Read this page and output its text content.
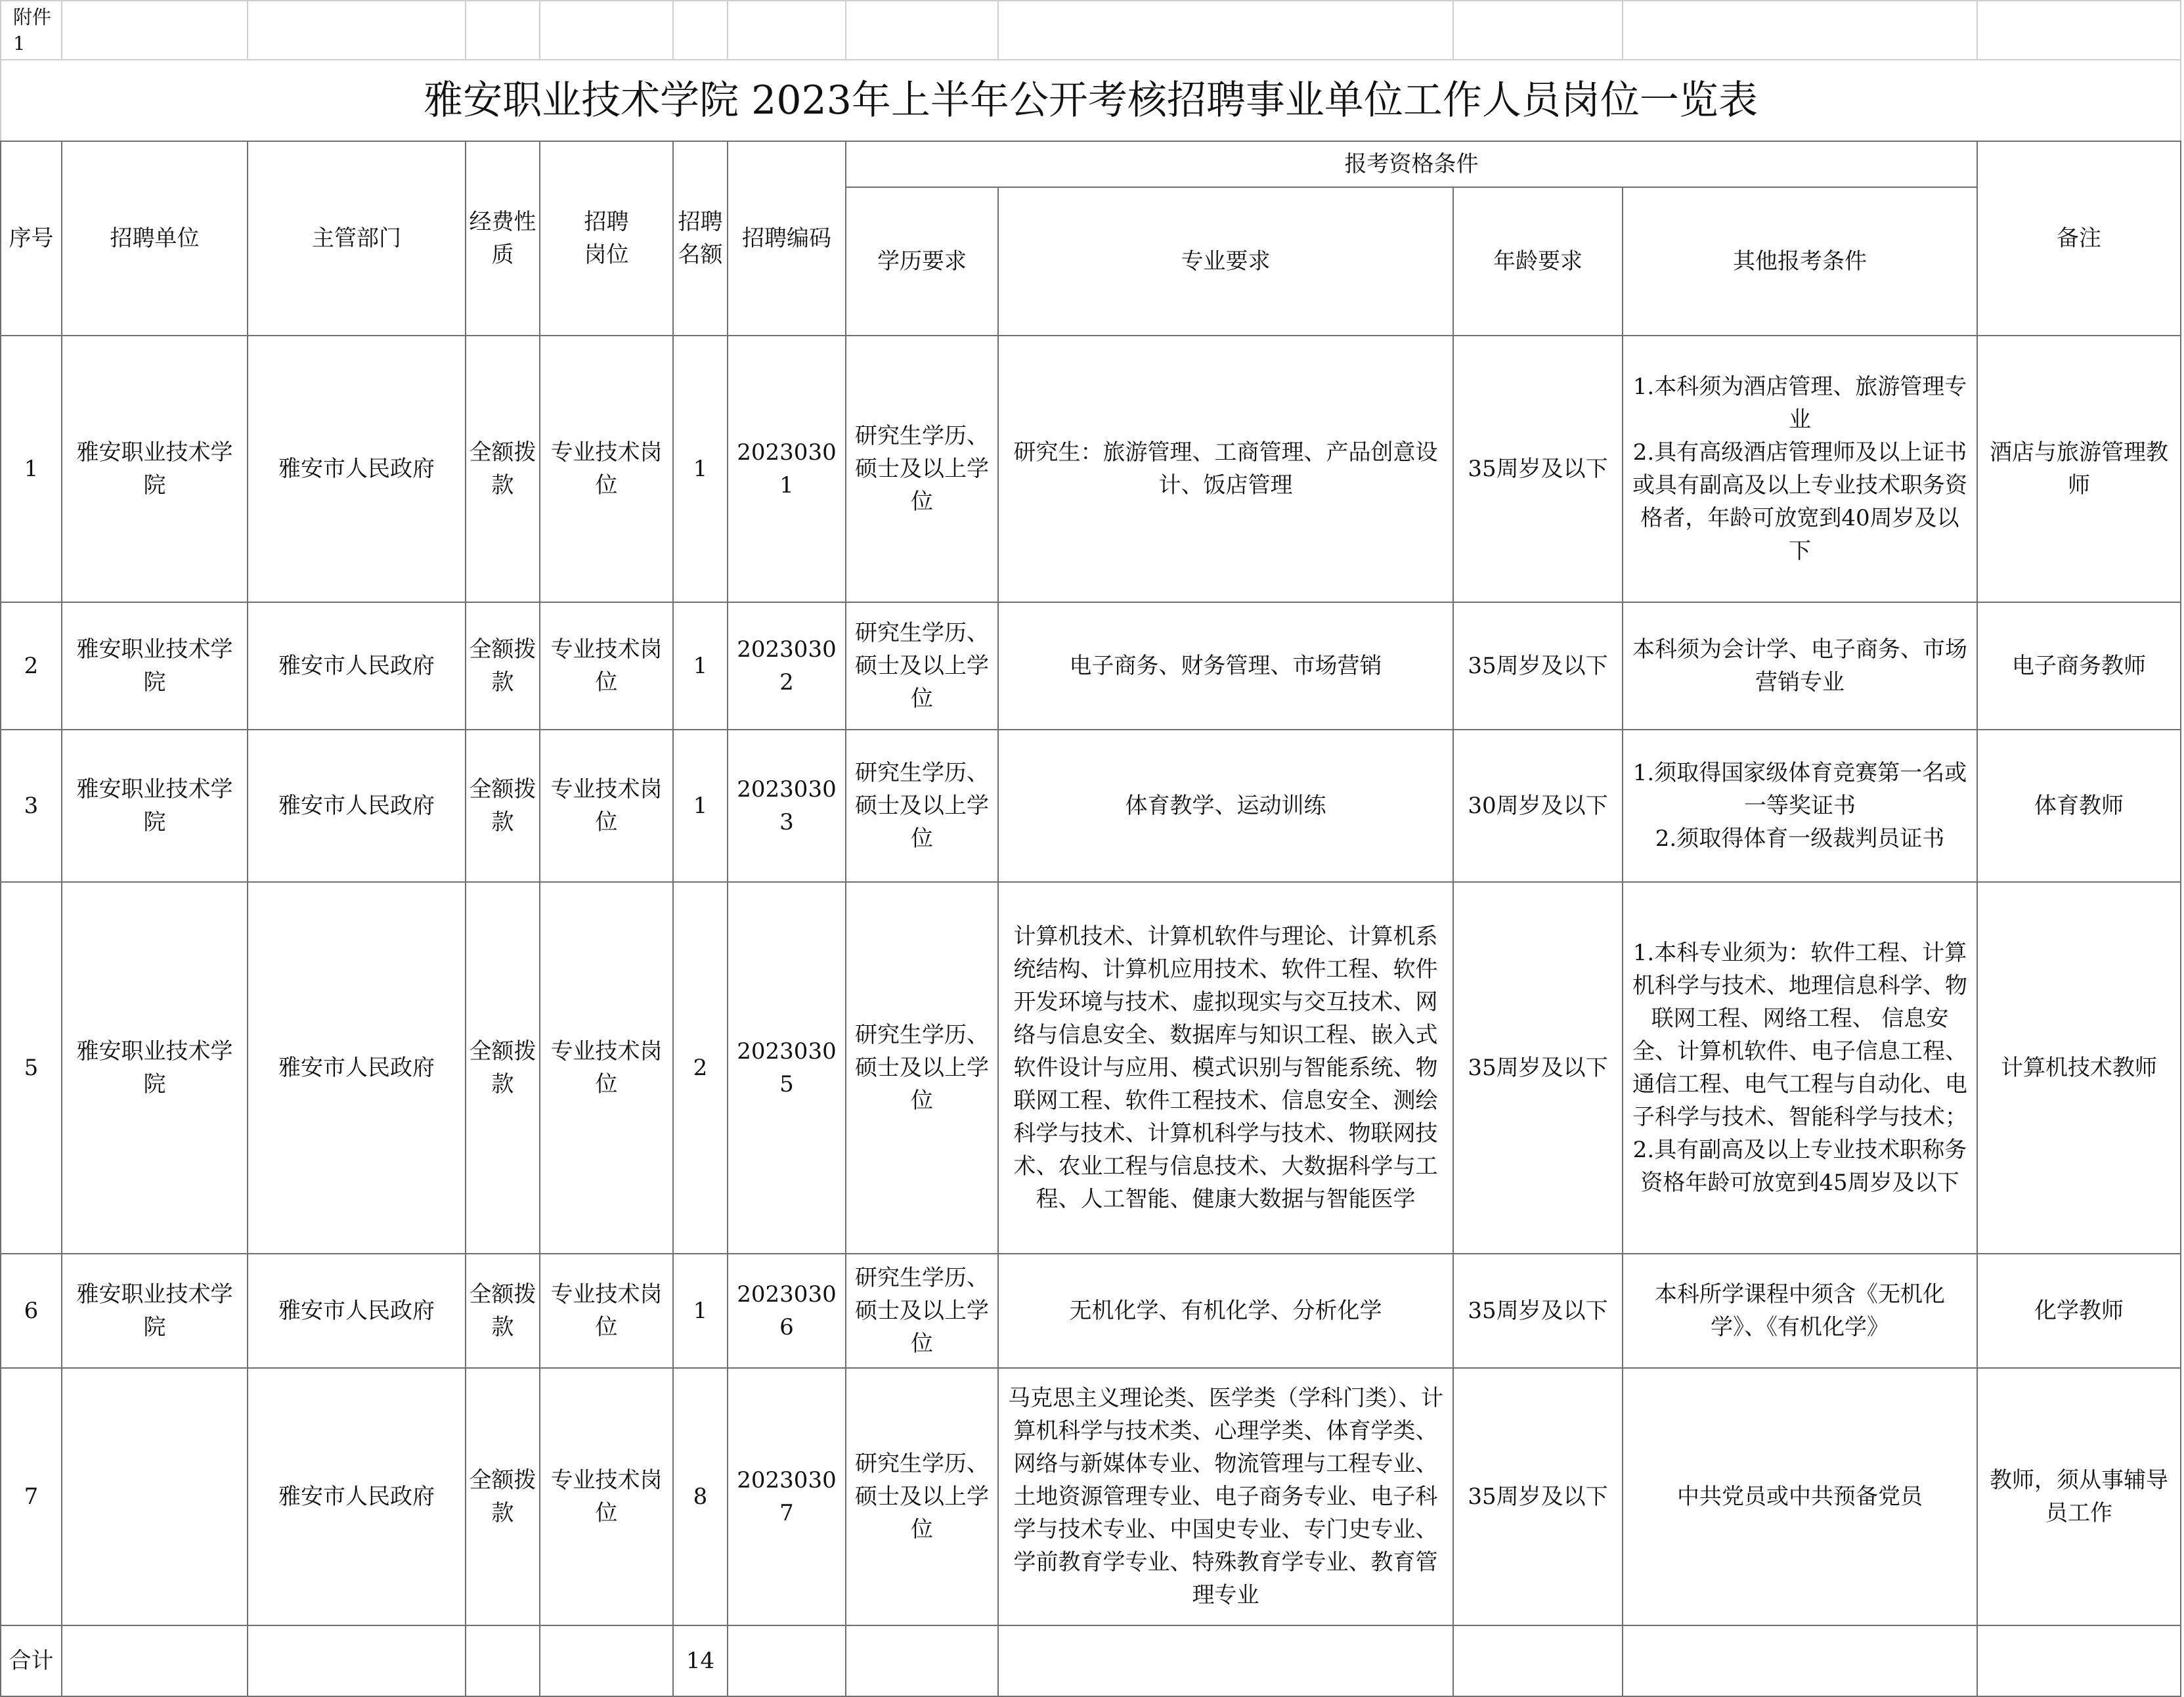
附件1											
雅安职业技术学院 2023年上半年公开考核招聘事业单位工作人员岗位一览表											
序号	招聘单位	主管部门	经费性质	招聘岗位	招聘名额	招聘编码	报考资格条件				备注
							学历要求	专业要求	年龄要求	其他报考条件	
1	雅安职业技术学院	雅安市人民政府	全额拨款	专业技术岗位	1	20230301	研究生学历、硕士及以上学位	研究生：旅游管理、工商管理、产品创意设计、饭店管理	35周岁及以下	1.本科须为酒店管理、旅游管理专业
2.具有高级酒店管理师及以上证书或具有副高及以上专业技术职务资格者，年龄可放宽到40周岁及以下	酒店与旅游管理教师
2	雅安职业技术学院	雅安市人民政府	全额拨款	专业技术岗位	1	20230302	研究生学历、硕士及以上学位	电子商务、财务管理、市场营销	35周岁及以下	本科须为会计学、电子商务、市场营销专业	电子商务教师
3	雅安职业技术学院	雅安市人民政府	全额拨款	专业技术岗位	1	20230303	研究生学历、硕士及以上学位	体育教学、运动训练	30周岁及以下	1.须取得国家级体育竞赛第一名或一等奖证书
2.须取得体育一级裁判员证书	体育教师
5	雅安职业技术学院	雅安市人民政府	全额拨款	专业技术岗位	2	20230305	研究生学历、硕士及以上学位	计算机技术、计算机软件与理论、计算机系统结构、计算机应用技术、软件工程、软件开发环境与技术、虚拟现实与交互技术、网络与信息安全、数据库与知识工程、嵌入式软件设计与应用、模式识别与智能系统、物联网工程、软件工程技术、信息安全、测绘科学与技术、计算机科学与技术、物联网技术、农业工程与信息技术、大数据科学与工程、人工智能、健康大数据与智能医学	35周岁及以下	1.本科专业须为：软件工程、计算机科学与技术、地理信息科学、物联网工程、网络工程、 信息安全、计算机软件、电子信息工程、通信工程、电气工程与自动化、电子科学与技术、智能科学与技术；
2.具有副高及以上专业技术职称务资格年龄可放宽到45周岁及以下	计算机技术教师
6	雅安职业技术学院	雅安市人民政府	全额拨款	专业技术岗位	1	20230306	研究生学历、硕士及以上学位	无机化学、有机化学、分析化学	35周岁及以下	本科所学课程中须含《无机化学》、《有机化学》	化学教师
7		雅安市人民政府	全额拨款	专业技术岗位	8	20230307	研究生学历、硕士及以上学位	马克思主义理论类、医学类（学科门类）、计算机科学与技术类、心理学类、体育学类、网络与新媒体专业、物流管理与工程专业、土地资源管理专业、电子商务专业、电子科学与技术专业、中国史专业、专门史专业、学前教育学专业、特殊教育学专业、教育管理专业	35周岁及以下	中共党员或中共预备党员	教师，须从事辅导员工作
合计					14						
